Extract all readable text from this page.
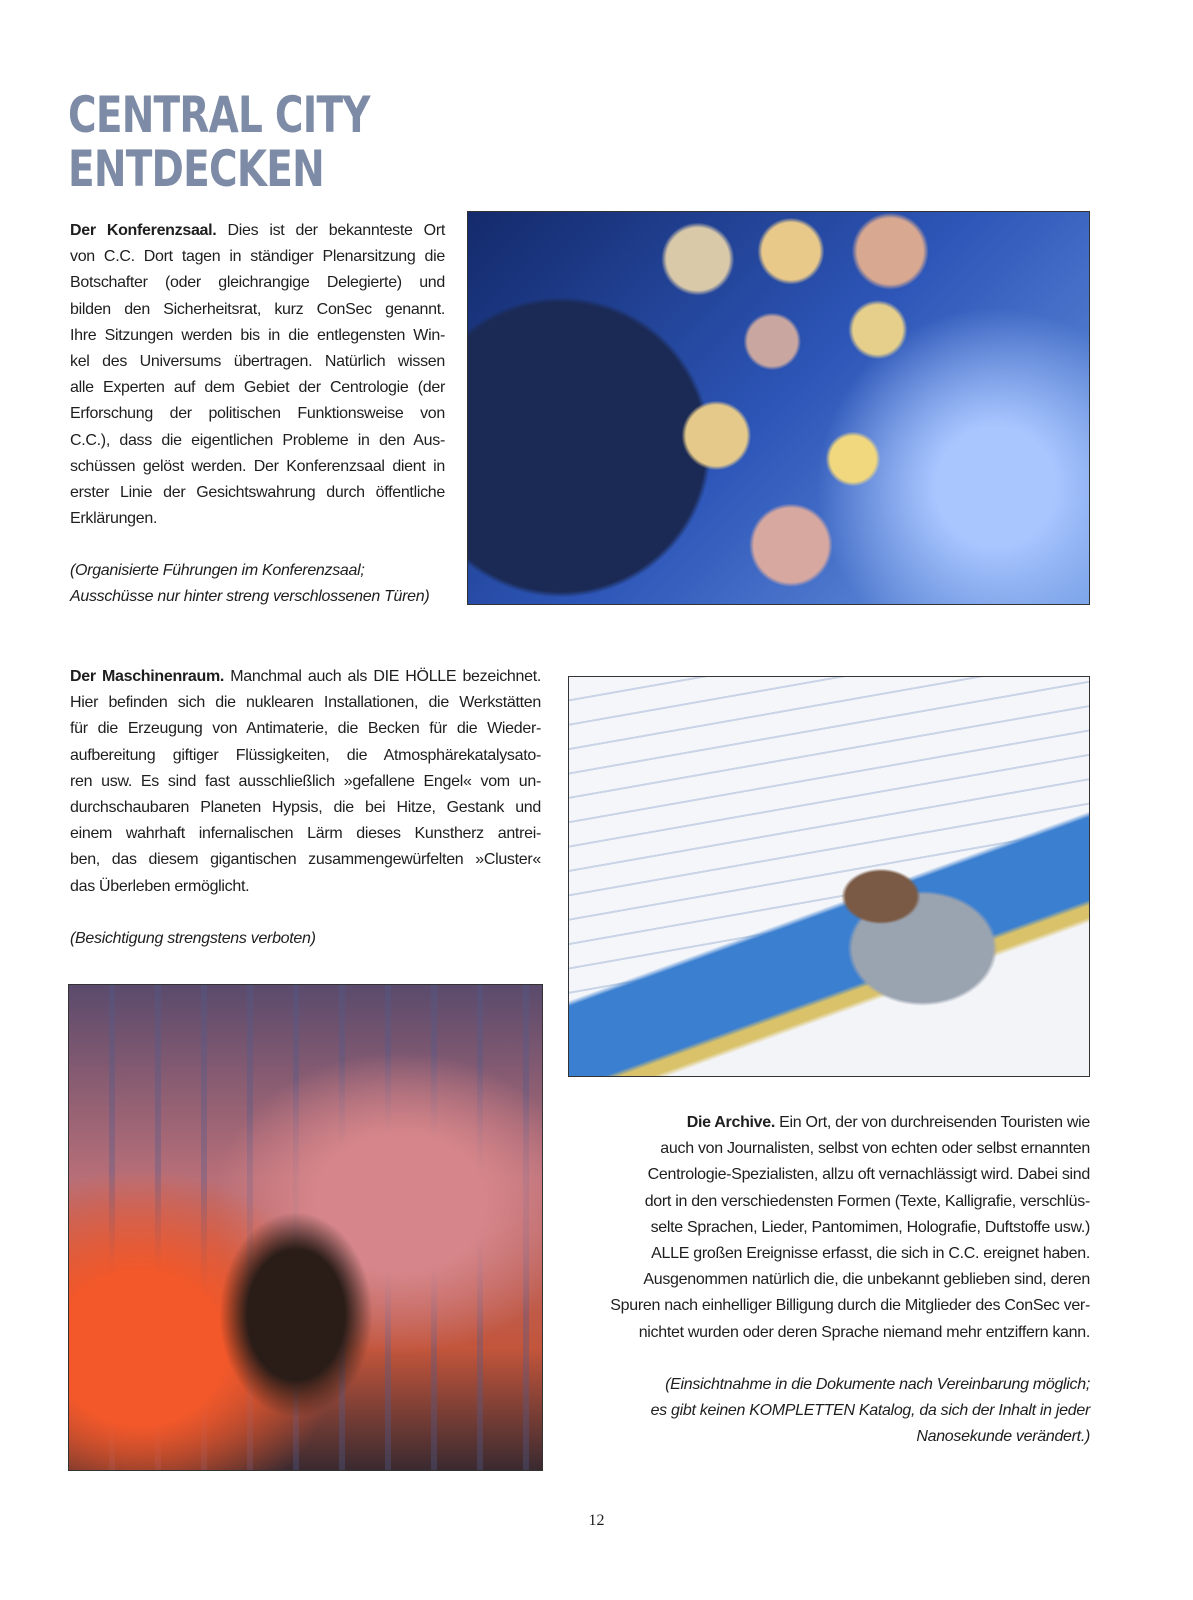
CENTRAL CITY
ENTDECKEN
Der Konferenzsaal. Dies ist der bekannteste Ort
von C.C. Dort tagen in ständiger Plenarsitzung die
Botschafter (oder gleichrangige Delegierte) und
bilden den Sicherheitsrat, kurz ConSec genannt.
Ihre Sitzungen werden bis in die entlegensten Win-
kel des Universums übertragen. Natürlich wissen
alle Experten auf dem Gebiet der Centrologie (der
Erforschung der politischen Funktionsweise von
C.C.), dass die eigentlichen Probleme in den Aus-
schüssen gelöst werden. Der Konferenzsaal dient in
erster Linie der Gesichtswahrung durch öffentliche
Erklärungen.
(Organisierte Führungen im Konferenzsaal;
Ausschüsse nur hinter streng verschlossenen Türen)
Der Maschinenraum. Manchmal auch als DIE HÖLLE bezeichnet.
Hier befinden sich die nuklearen Installationen, die Werkstätten
für die Erzeugung von Antimaterie, die Becken für die Wieder-
aufbereitung giftiger Flüssigkeiten, die Atmosphärekatalysato-
ren usw. Es sind fast ausschließlich »gefallene Engel« vom un-
durchschaubaren Planeten Hypsis, die bei Hitze, Gestank und
einem wahrhaft infernalischen Lärm dieses Kunstherz antrei-
ben, das diesem gigantischen zusammengewürfelten »Cluster«
das Überleben ermöglicht.
(Besichtigung strengstens verboten)
Die Archive. Ein Ort, der von durchreisenden Touristen wie
auch von Journalisten, selbst von echten oder selbst ernannten
Centrologie-Spezialisten, allzu oft vernachlässigt wird. Dabei sind
dort in den verschiedensten Formen (Texte, Kalligrafie, verschlüs-
selte Sprachen, Lieder, Pantomimen, Holografie, Duftstoffe usw.)
ALLE großen Ereignisse erfasst, die sich in C.C. ereignet haben.
Ausgenommen natürlich die, die unbekannt geblieben sind, deren
Spuren nach einhelliger Billigung durch die Mitglieder des ConSec ver-
nichtet wurden oder deren Sprache niemand mehr entziffern kann.
(Einsichtnahme in die Dokumente nach Vereinbarung möglich;
es gibt keinen KOMPLETTEN Katalog, da sich der Inhalt in jeder
Nanosekunde verändert.)
12
